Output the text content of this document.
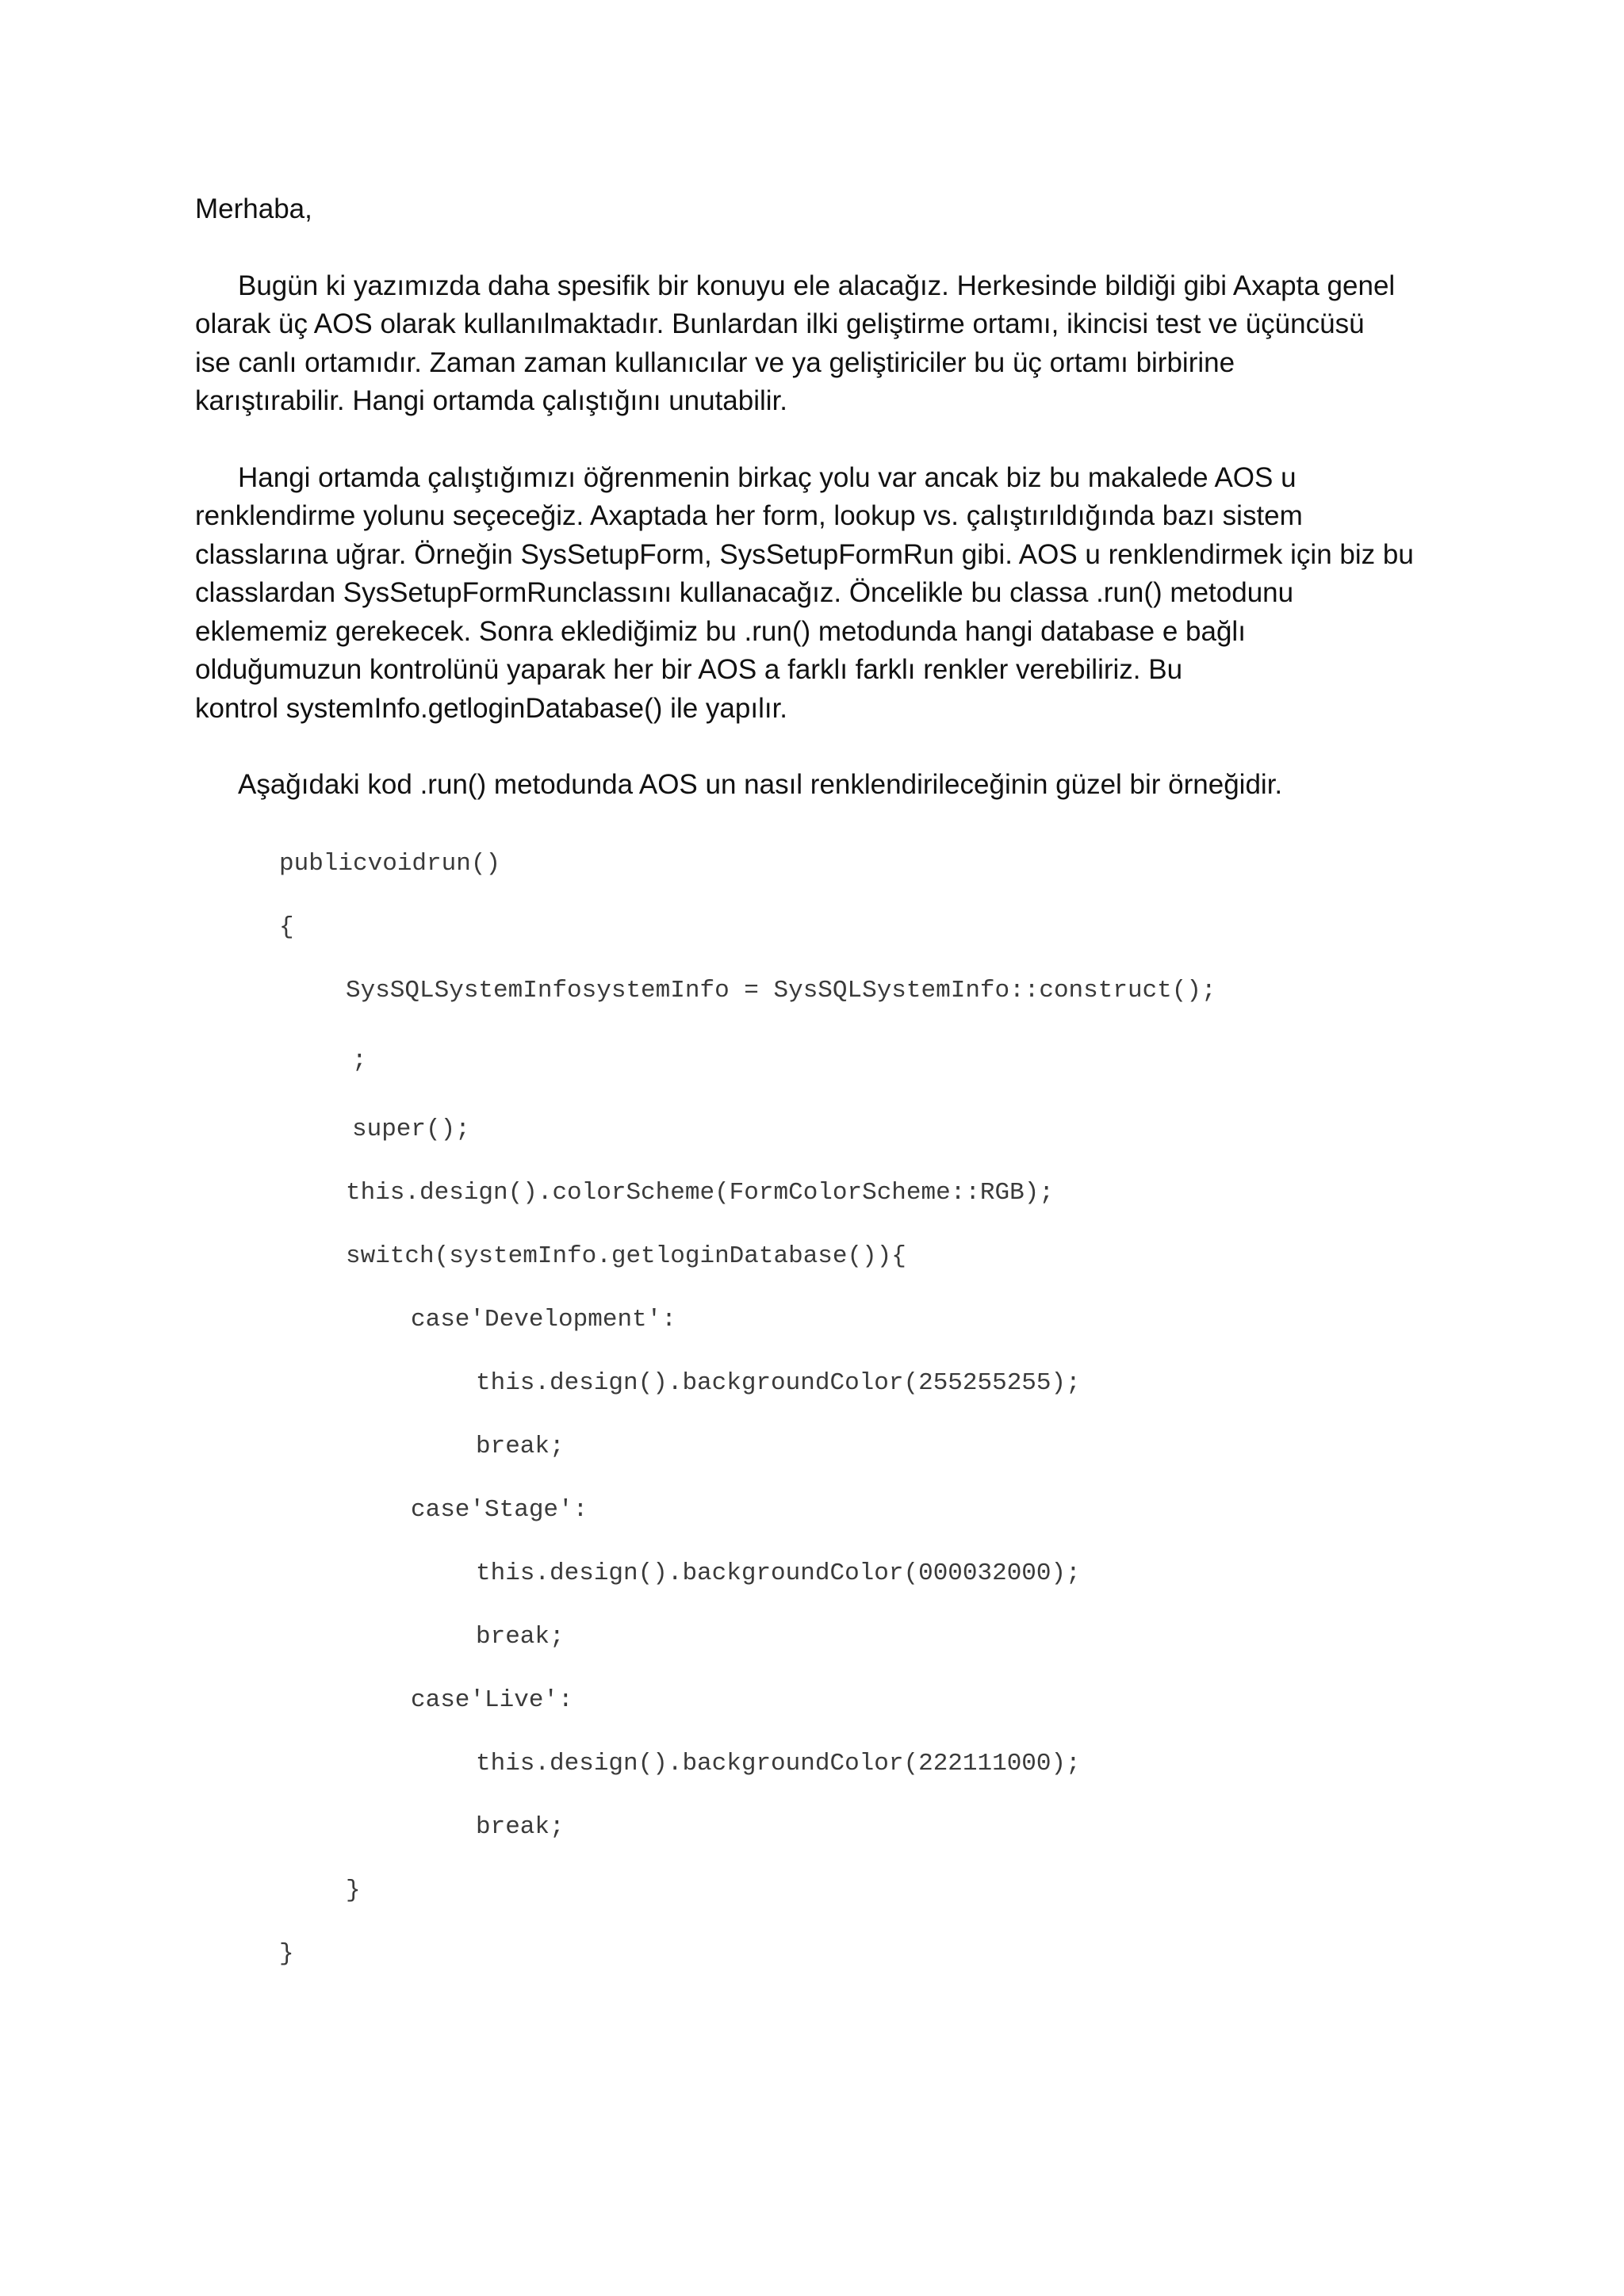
Merhaba,

Bugün ki yazımızda daha spesifik bir konuyu ele alacağız. Herkesinde bildiği gibi Axapta genel
olarak üç AOS olarak kullanılmaktadır. Bunlardan ilki geliştirme ortamı, ikincisi test ve üçüncüsü
ise canlı ortamıdır. Zaman zaman kullanıcılar ve ya geliştiriciler bu üç ortamı birbirine
karıştırabilir. Hangi ortamda çalıştığını unutabilir.

Hangi ortamda çalıştığımızı öğrenmenin birkaç yolu var ancak biz bu makalede AOS u
renklendirme yolunu seçeceğiz. Axaptada her form, lookup vs. çalıştırıldığında bazı sistem
classlarına uğrar. Örneğin SysSetupForm, SysSetupFormRun gibi. AOS u renklendirmek için biz bu
classlardan SysSetupFormRunclassını kullanacağız. Öncelikle bu classa .run() metodunu
eklememiz gerekecek. Sonra eklediğimiz bu .run() metodunda hangi database e bağlı
olduğumuzun kontrolünü yaparak her bir AOS a farklı farklı renkler verebiliriz. Bu
kontrol systemInfo.getloginDatabase() ile yapılır.

Aşağıdaki kod .run() metodunda AOS un nasıl renklendirileceğinin güzel bir örneğidir.

publicvoidrun()
{
SysSQLSystemInfosystemInfo = SysSQLSystemInfo::construct();
;
super();
this.design().colorScheme(FormColorScheme::RGB);
switch(systemInfo.getloginDatabase()){
case'Development':
this.design().backgroundColor(255255255);
break;
case'Stage':
this.design().backgroundColor(000032000);
break;
case'Live':
this.design().backgroundColor(222111000);
break;
}
}
